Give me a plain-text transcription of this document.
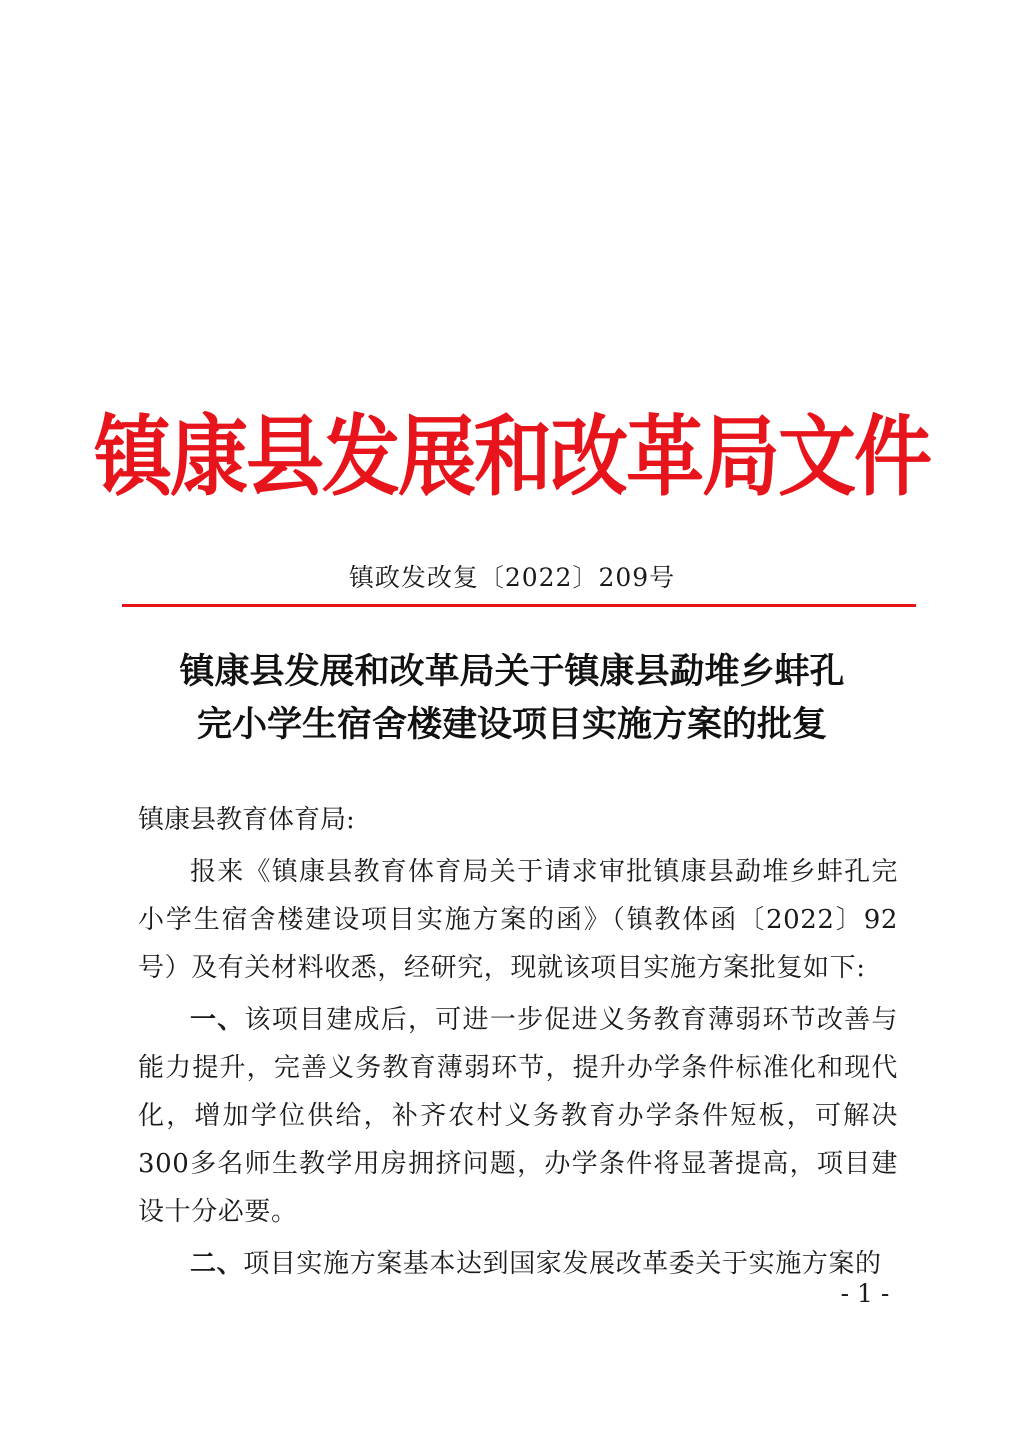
镇康县发展和改革局文件
镇政发改复〔2022〕209号
镇康县发展和改革局关于镇康县勐堆乡蚌孔
完小学生宿舍楼建设项目实施方案的批复

镇康县教育体育局:

报来《镇康县教育体育局关于请求审批镇康县勐堆乡蚌孔完小学生宿舍楼建设项目实施方案的函》（镇教体函〔2022〕92号）及有关材料收悉，经研究，现就该项目实施方案批复如下:

一、该项目建成后，可进一步促进义务教育薄弱环节改善与能力提升，完善义务教育薄弱环节，提升办学条件标准化和现代化，增加学位供给，补齐农村义务教育办学条件短板，可解决300多名师生教学用房拥挤问题，办学条件将显著提高，项目建设十分必要。

二、项目实施方案基本达到国家发展改革委关于实施方案的

- 1 -
